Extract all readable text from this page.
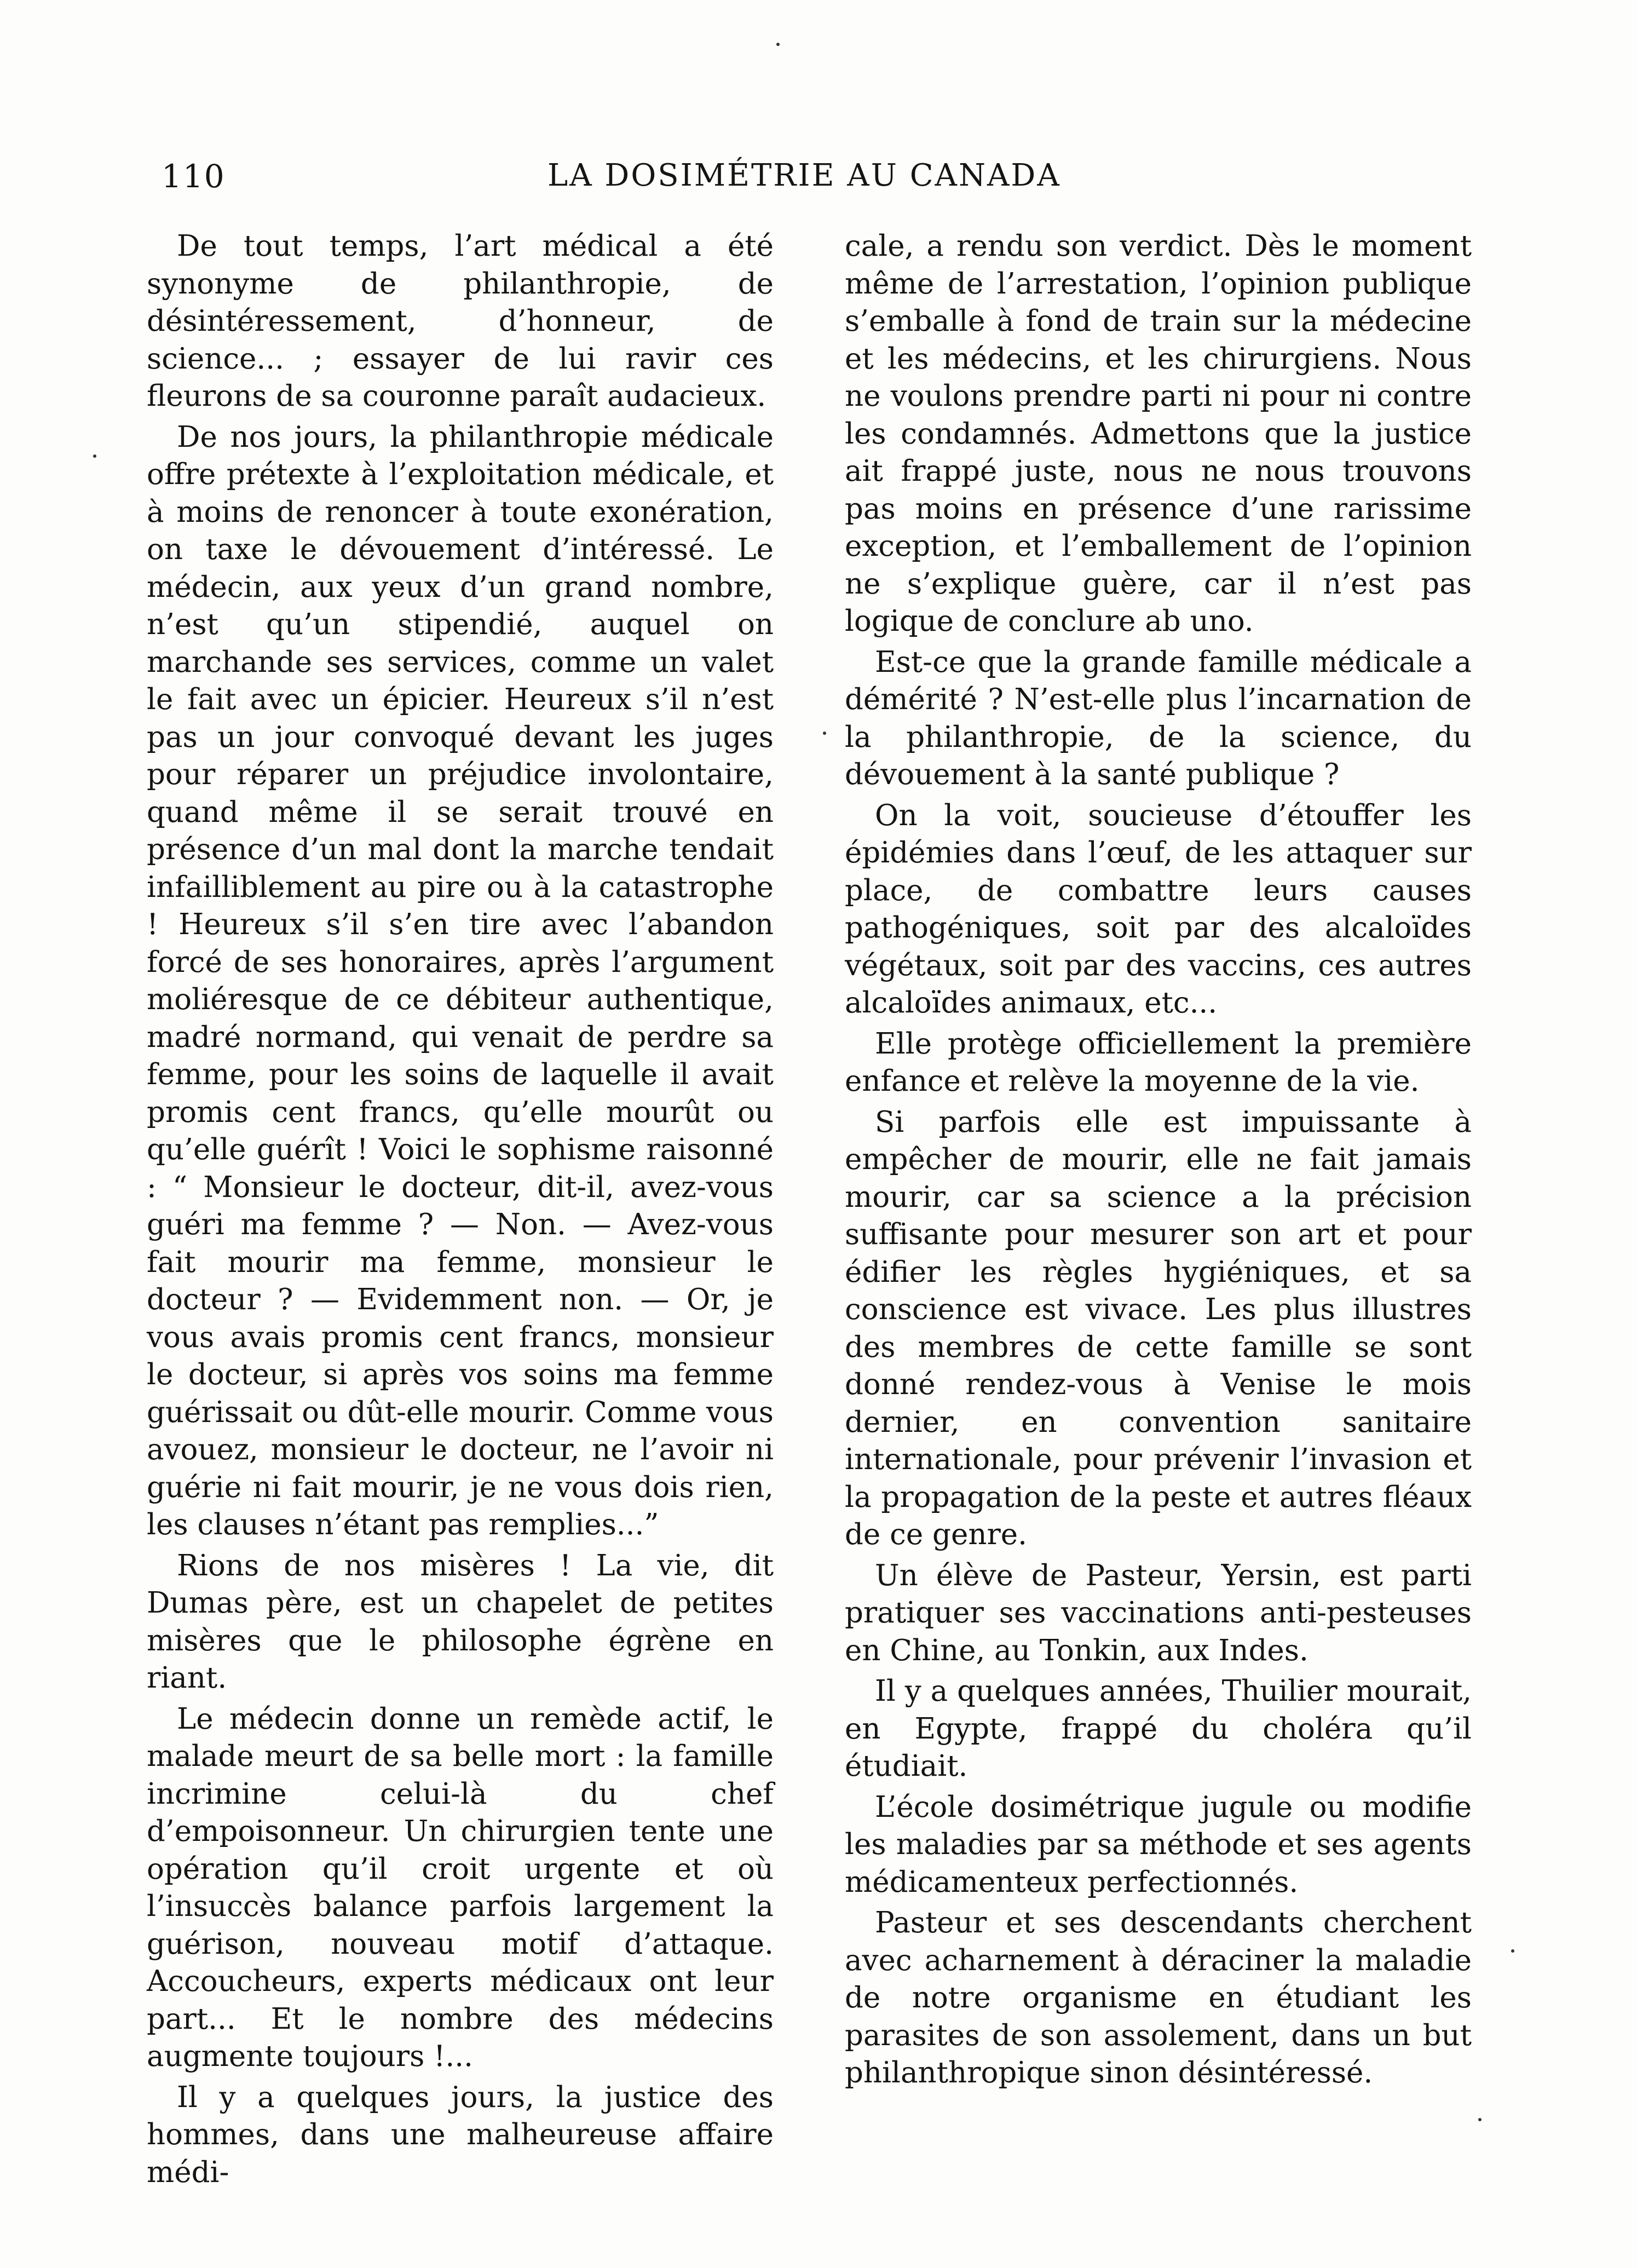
110	LA DOSIMÉTRIE AU CANADA

De tout temps, l’art médical a été synonyme de philanthropie, de désintéressement, d’honneur, de science... ; essayer de lui ravir ces fleurons de sa couronne paraît audacieux.

De nos jours, la philanthropie médicale offre prétexte à l’exploitation médicale, et à moins de renoncer à toute exonération, on taxe le dévouement d’intéressé. Le médecin, aux yeux d’un grand nombre, n’est qu’un stipendié, auquel on marchande ses services, comme un valet le fait avec un épicier. Heureux s’il n’est pas un jour convoqué devant les juges pour réparer un préjudice involontaire, quand même il se serait trouvé en présence d’un mal dont la marche tendait infailliblement au pire ou à la catastrophe ! Heureux s’il s’en tire avec l’abandon forcé de ses honoraires, après l’argument moliéresque de ce débiteur authentique, madré normand, qui venait de perdre sa femme, pour les soins de laquelle il avait promis cent francs, qu’elle mourût ou qu’elle guérît ! Voici le sophisme raisonné : “ Monsieur le docteur, dit-il, avez-vous guéri ma femme ? — Non. — Avez-vous fait mourir ma femme, monsieur le docteur ? — Evidemment non. — Or, je vous avais promis cent francs, monsieur le docteur, si après vos soins ma femme guérissait ou dût-elle mourir. Comme vous avouez, monsieur le docteur, ne l’avoir ni guérie ni fait mourir, je ne vous dois rien, les clauses n’étant pas remplies...”

Rions de nos misères ! La vie, dit Dumas père, est un chapelet de petites misères que le philosophe égrène en riant.

Le médecin donne un remède actif, le malade meurt de sa belle mort : la famille incrimine celui-là du chef d’empoisonneur. Un chirurgien tente une opération qu’il croit urgente et où l’insuccès balance parfois largement la guérison, nouveau motif d’attaque. Accoucheurs, experts médicaux ont leur part... Et le nombre des médecins augmente toujours !...

Il y a quelques jours, la justice des hommes, dans une malheureuse affaire médi-

cale, a rendu son verdict. Dès le moment même de l’arrestation, l’opinion publique s’emballe à fond de train sur la médecine et les médecins, et les chirurgiens. Nous ne voulons prendre parti ni pour ni contre les condamnés. Admettons que la justice ait frappé juste, nous ne nous trouvons pas moins en présence d’une rarissime exception, et l’emballement de l’opinion ne s’explique guère, car il n’est pas logique de conclure ab uno.

Est-ce que la grande famille médicale a démérité ? N’est-elle plus l’incarnation de la philanthropie, de la science, du dévouement à la santé publique ?

On la voit, soucieuse d’étouffer les épidémies dans l’œuf, de les attaquer sur place, de combattre leurs causes pathogéniques, soit par des alcaloïdes végétaux, soit par des vaccins, ces autres alcaloïdes animaux, etc...

Elle protège officiellement la première enfance et relève la moyenne de la vie.

Si parfois elle est impuissante à empêcher de mourir, elle ne fait jamais mourir, car sa science a la précision suffisante pour mesurer son art et pour édifier les règles hygiéniques, et sa conscience est vivace. Les plus illustres des membres de cette famille se sont donné rendez-vous à Venise le mois dernier, en convention sanitaire internationale, pour prévenir l’invasion et la propagation de la peste et autres fléaux de ce genre.

Un élève de Pasteur, Yersin, est parti pratiquer ses vaccinations anti-pesteuses en Chine, au Tonkin, aux Indes.

Il y a quelques années, Thuilier mourait, en Egypte, frappé du choléra qu’il étudiait.

L’école dosimétrique jugule ou modifie les maladies par sa méthode et ses agents médicamenteux perfectionnés.

Pasteur et ses descendants cherchent avec acharnement à déraciner la maladie de notre organisme en étudiant les parasites de son assolement, dans un but philanthropique sinon désintéressé.
